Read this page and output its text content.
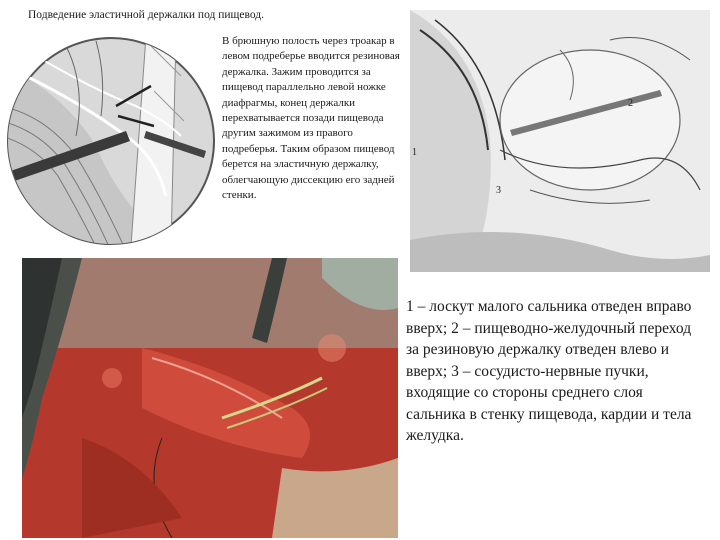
Подведение эластичной держалки под пищевод.

В брюшную полость через троакар в левом подреберье вводится резиновая держалка. Зажим проводится за пищевод параллельно левой ножке диафрагмы, конец держалки перехватывается позади пищевода другим зажимом из правого подреберья. Таким образом пищевод берется на эластичную держалку, облегчающую диссекцию его задней стенки.

1
2
3

1 – лоскут малого сальника отведен вправо вверх; 2 – пищеводно-желудочный переход за резиновую держалку отведен влево и вверх; 3 – сосудисто-нервные пучки, входящие со стороны среднего слоя сальника в стенку пищевода, кардии и тела желудка.
